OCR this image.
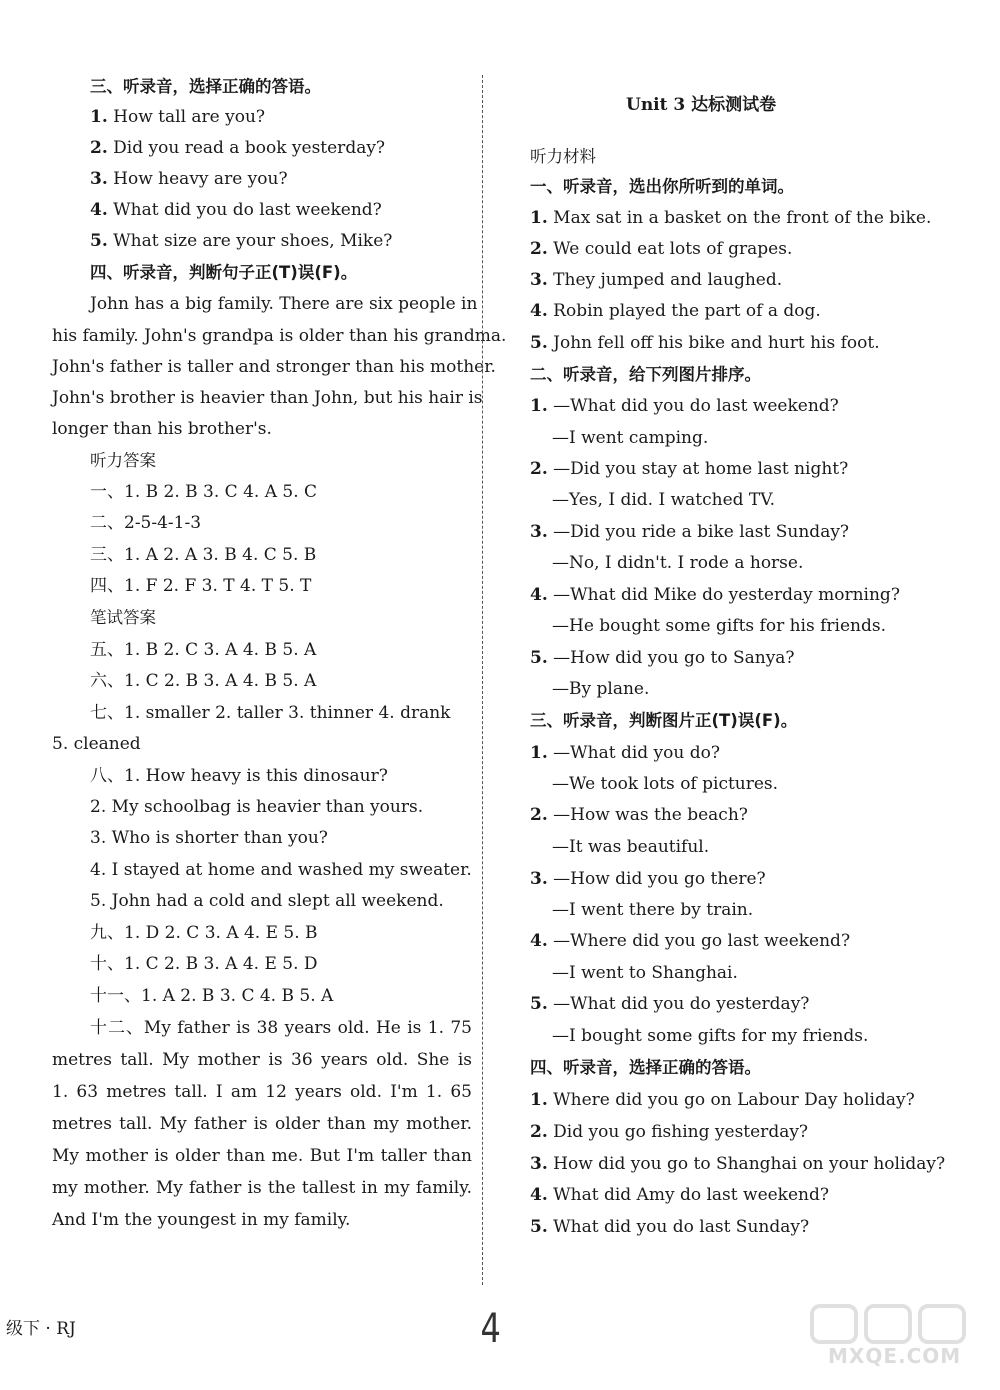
三、听录音，选择正确的答语。
1. How tall are you?
2. Did you read a book yesterday?
3. How heavy are you?
4. What did you do last weekend?
5. What size are your shoes, Mike?
四、听录音，判断句子正(T)误(F)。
John has a big family. There are six people in
his family. John's grandpa is older than his grandma.
John's father is taller and stronger than his mother.
John's brother is heavier than John, but his hair is
longer than his brother's.
听力答案
一、1. B 2. B 3. C 4. A 5. C
二、2-5-4-1-3
三、1. A 2. A 3. B 4. C 5. B
四、1. F 2. F 3. T 4. T 5. T
笔试答案
五、1. B 2. C 3. A 4. B 5. A
六、1. C 2. B 3. A 4. B 5. A
七、1. smaller 2. taller 3. thinner 4. drank
5. cleaned
八、1. How heavy is this dinosaur?
2. My schoolbag is heavier than yours.
3. Who is shorter than you?
4. I stayed at home and washed my sweater.
5. John had a cold and slept all weekend.
九、1. D 2. C 3. A 4. E 5. B
十、1. C 2. B 3. A 4. E 5. D
十一、1. A 2. B 3. C 4. B 5. A
十二、My father is 38 years old. He is 1. 75
metres tall. My mother is 36 years old. She is
1. 63 metres tall. I am 12 years old. I'm 1. 65
metres tall. My father is older than my mother.
My mother is older than me. But I'm taller than
my mother. My father is the tallest in my family.
And I'm the youngest in my family.
Unit 3 达标测试卷
听力材料
一、听录音，选出你所听到的单词。
1. Max sat in a basket on the front of the bike.
2. We could eat lots of grapes.
3. They jumped and laughed.
4. Robin played the part of a dog.
5. John fell off his bike and hurt his foot.
二、听录音，给下列图片排序。
1. —What did you do last weekend?
—I went camping.
2. —Did you stay at home last night?
—Yes, I did. I watched TV.
3. —Did you ride a bike last Sunday?
—No, I didn't. I rode a horse.
4. —What did Mike do yesterday morning?
—He bought some gifts for his friends.
5. —How did you go to Sanya?
—By plane.
三、听录音，判断图片正(T)误(F)。
1. —What did you do?
—We took lots of pictures.
2. —How was the beach?
—It was beautiful.
3. —How did you go there?
—I went there by train.
4. —Where did you go last weekend?
—I went to Shanghai.
5. —What did you do yesterday?
—I bought some gifts for my friends.
四、听录音，选择正确的答语。
1. Where did you go on Labour Day holiday?
2. Did you go fishing yesterday?
3. How did you go to Shanghai on your holiday?
4. What did Amy do last weekend?
5. What did you do last Sunday?
级下 · RJ	4
MXQE.COM
